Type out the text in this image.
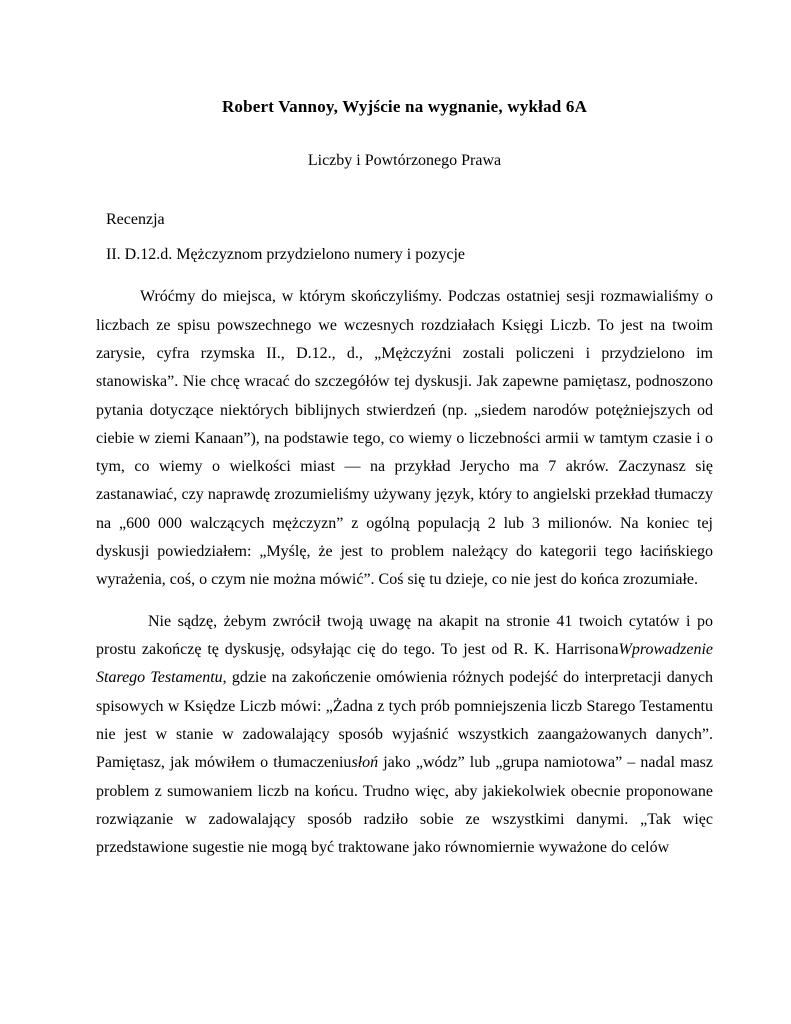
Robert Vannoy, Wyjście na wygnanie, wykład 6A
Liczby i Powtórzonego Prawa
Recenzja
II. D.12.d. Mężczyznom przydzielono numery i pozycje

Wróćmy do miejsca, w którym skończyliśmy. Podczas ostatniej sesji rozmawialiśmy o liczbach ze spisu powszechnego we wczesnych rozdziałach Księgi Liczb. To jest na twoim zarysie, cyfra rzymska II., D.12., d., „Mężczyźni zostali policzeni i przydzielono im stanowiska”. Nie chcę wracać do szczegółów tej dyskusji. Jak zapewne pamiętasz, podnoszono pytania dotyczące niektórych biblijnych stwierdzeń (np. „siedem narodów potężniejszych od ciebie w ziemi Kanaan”), na podstawie tego, co wiemy o liczebności armii w tamtym czasie i o tym, co wiemy o wielkości miast — na przykład Jerycho ma 7 akrów. Zaczynasz się zastanawiać, czy naprawdę zrozumieliśmy używany język, który to angielski przekład tłumaczy na „600 000 walczących mężczyzn” z ogólną populacją 2 lub 3 milionów. Na koniec tej dyskusji powiedziałem: „Myślę, że jest to problem należący do kategorii tego łacińskiego wyrażenia, coś, o czym nie można mówić”. Coś się tu dzieje, co nie jest do końca zrozumiałe.

Nie sądzę, żebym zwrócił twoją uwagę na akapit na stronie 41 twoich cytatów i po prostu zakończę tę dyskusję, odsyłając cię do tego. To jest od R. K. HarrisonaWprowadzenie Starego Testamentu, gdzie na zakończenie omówienia różnych podejść do interpretacji danych spisowych w Księdze Liczb mówi: „Żadna z tych prób pomniejszenia liczb Starego Testamentu nie jest w stanie w zadowalający sposób wyjaśnić wszystkich zaangażowanych danych”. Pamiętasz, jak mówiłem o tłumaczeniusłoń jako „wódz” lub „grupa namiotowa” – nadal masz problem z sumowaniem liczb na końcu. Trudno więc, aby jakiekolwiek obecnie proponowane rozwiązanie w zadowalający sposób radziło sobie ze wszystkimi danymi. „Tak więc przedstawione sugestie nie mogą być traktowane jako równomiernie wyważone do celów
